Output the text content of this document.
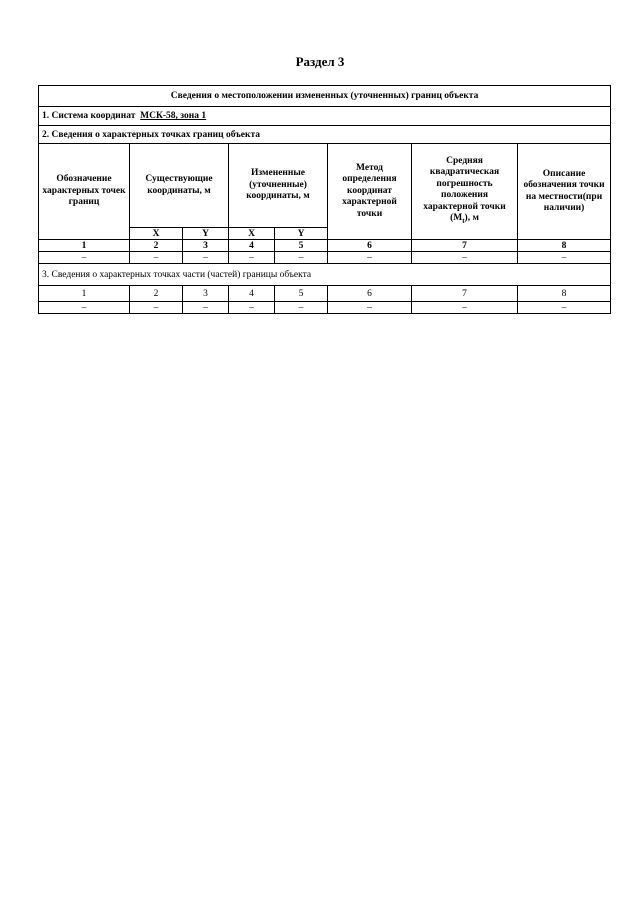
Раздел 3
Сведения о местоположении измененных (уточненных) границ объекта							
1. Система координат МСК-58, зона 1							
2. Сведения о характерных точках границ объекта							
Обозначение характерных точек границ	Существующие координаты, м		Измененные (уточненные) координаты, м		Метод определения координат характерной точки	Средняя квадратическая погрешность положения характерной точки $(M_t)$, м	Описание обозначения точки на местности(при наличии)
	X	Y	X	Y			
1	2	3	4	5	6	7	8
–	–	–	–	–	–	–	–
3. Сведения о характерных точках части (частей) границы объекта							
1	2	3	4	5	6	7	8
–	–	–	–	–	–	–	–
